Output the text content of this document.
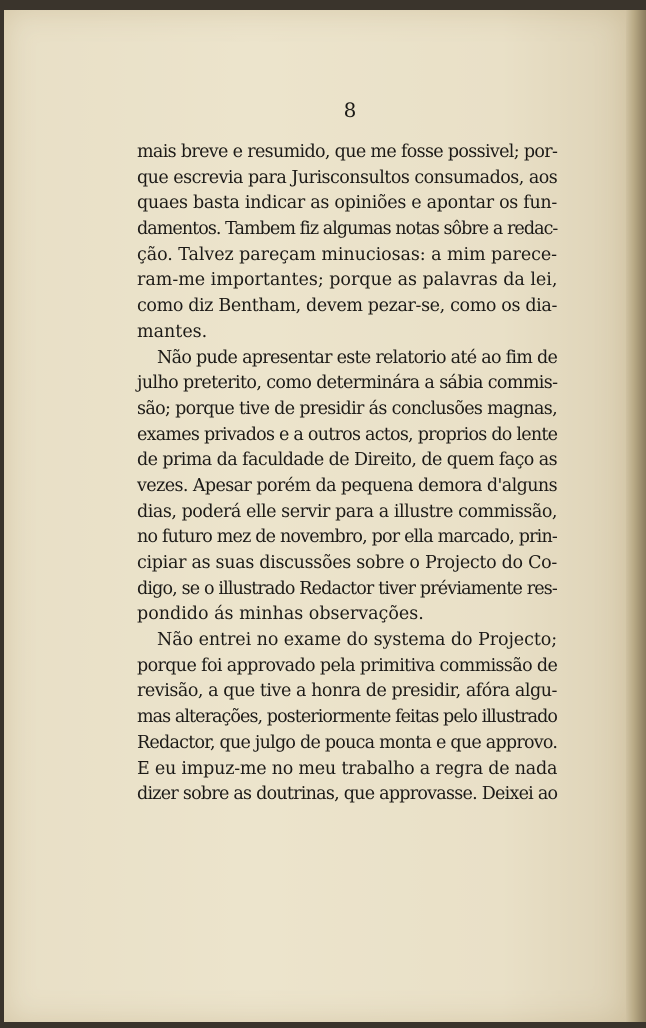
8
mais breve e resumido, que me fosse possivel; por-
que escrevia para Jurisconsultos consumados, aos
quaes basta indicar as opiniões e apontar os fun-
damentos. Tambem fiz algumas notas sôbre a redac-
ção. Talvez pareçam minuciosas: a mim parece-
ram-me importantes; porque as palavras da lei,
como diz Bentham, devem pezar-se, como os dia-
mantes.
Não pude apresentar este relatorio até ao fim de
julho preterito, como determinára a sábia commis-
são; porque tive de presidir ás conclusões magnas,
exames privados e a outros actos, proprios do lente
de prima da faculdade de Direito, de quem faço as
vezes. Apesar porém da pequena demora d'alguns
dias, poderá elle servir para a illustre commissão,
no futuro mez de novembro, por ella marcado, prin-
cipiar as suas discussões sobre o Projecto do Co-
digo, se o illustrado Redactor tiver préviamente res-
pondido ás minhas observações.
Não entrei no exame do systema do Projecto;
porque foi approvado pela primitiva commissão de
revisão, a que tive a honra de presidir, afóra algu-
mas alterações, posteriormente feitas pelo illustrado
Redactor, que julgo de pouca monta e que approvo.
E eu impuz-me no meu trabalho a regra de nada
dizer sobre as doutrinas, que approvasse. Deixei ao
